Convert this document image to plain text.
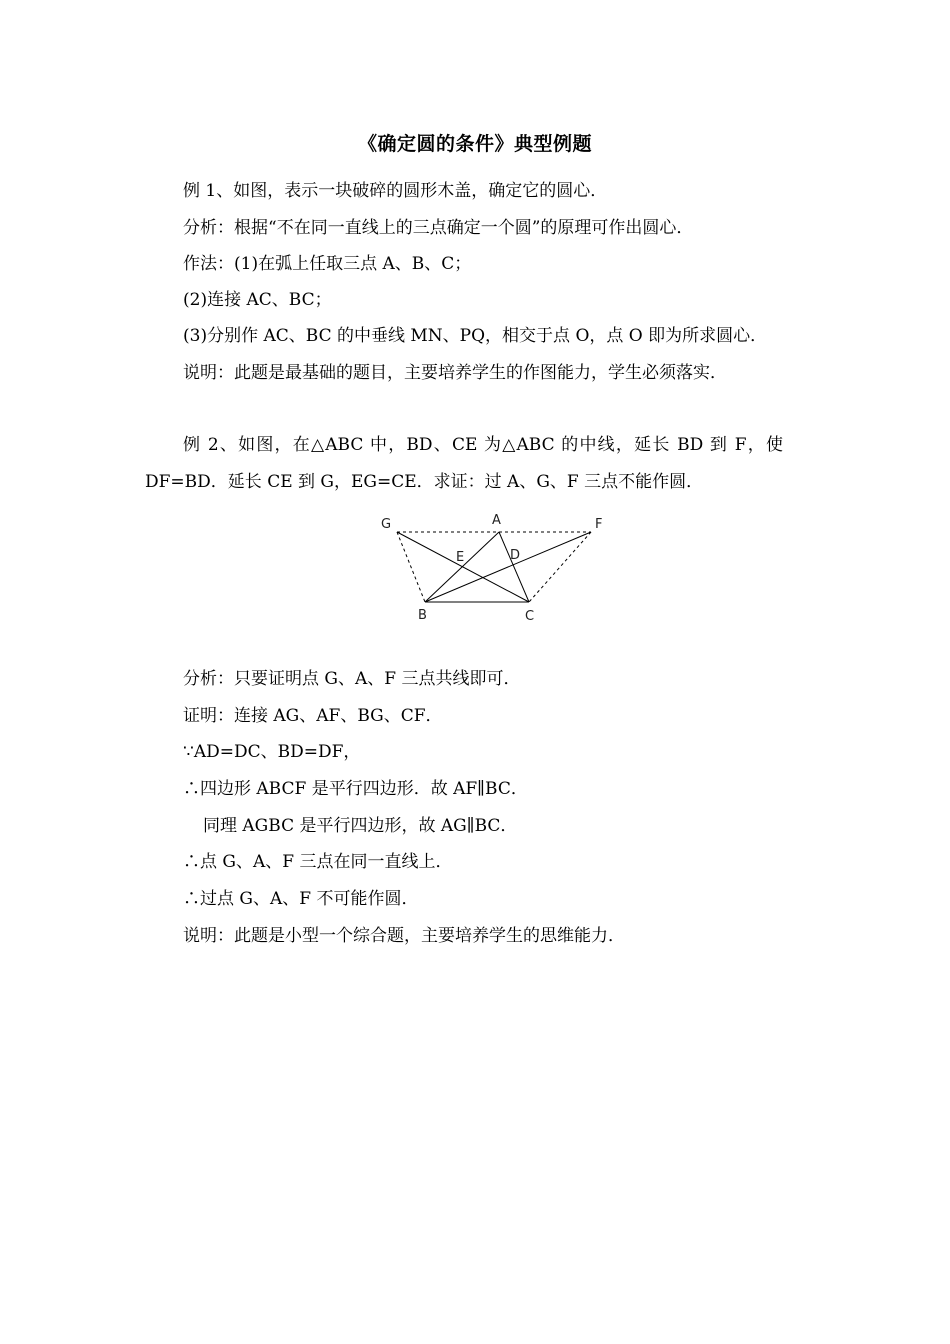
《确定圆的条件》典型例题
例 1、如图，表示一块破碎的圆形木盖，确定它的圆心．
分析：根据“不在同一直线上的三点确定一个圆”的原理可作出圆心．
作法：(1)在弧上任取三点 A、B、C；
(2)连接 AC、BC；
(3)分别作 AC、BC 的中垂线 MN、PQ，相交于点 O，点 O 即为所求圆心．
说明：此题是最基础的题目，主要培养学生的作图能力，学生必须落实．
例 2、如图，在△ABC 中，BD、CE 为△ABC 的中线，延长 BD 到 F，使
DF=BD．延长 CE 到 G，EG=CE．求证：过 A、G、F 三点不能作圆．
G	A	F
E	D
B	C
分析：只要证明点 G、A、F 三点共线即可．
证明：连接 AG、AF、BG、CF．
∵AD=DC、BD=DF，
∴四边形 ABCF 是平行四边形．故 AF∥BC．
同理 AGBC 是平行四边形，故 AG∥BC．
∴点 G、A、F 三点在同一直线上．
∴过点 G、A、F 不可能作圆．
说明：此题是小型一个综合题，主要培养学生的思维能力．
